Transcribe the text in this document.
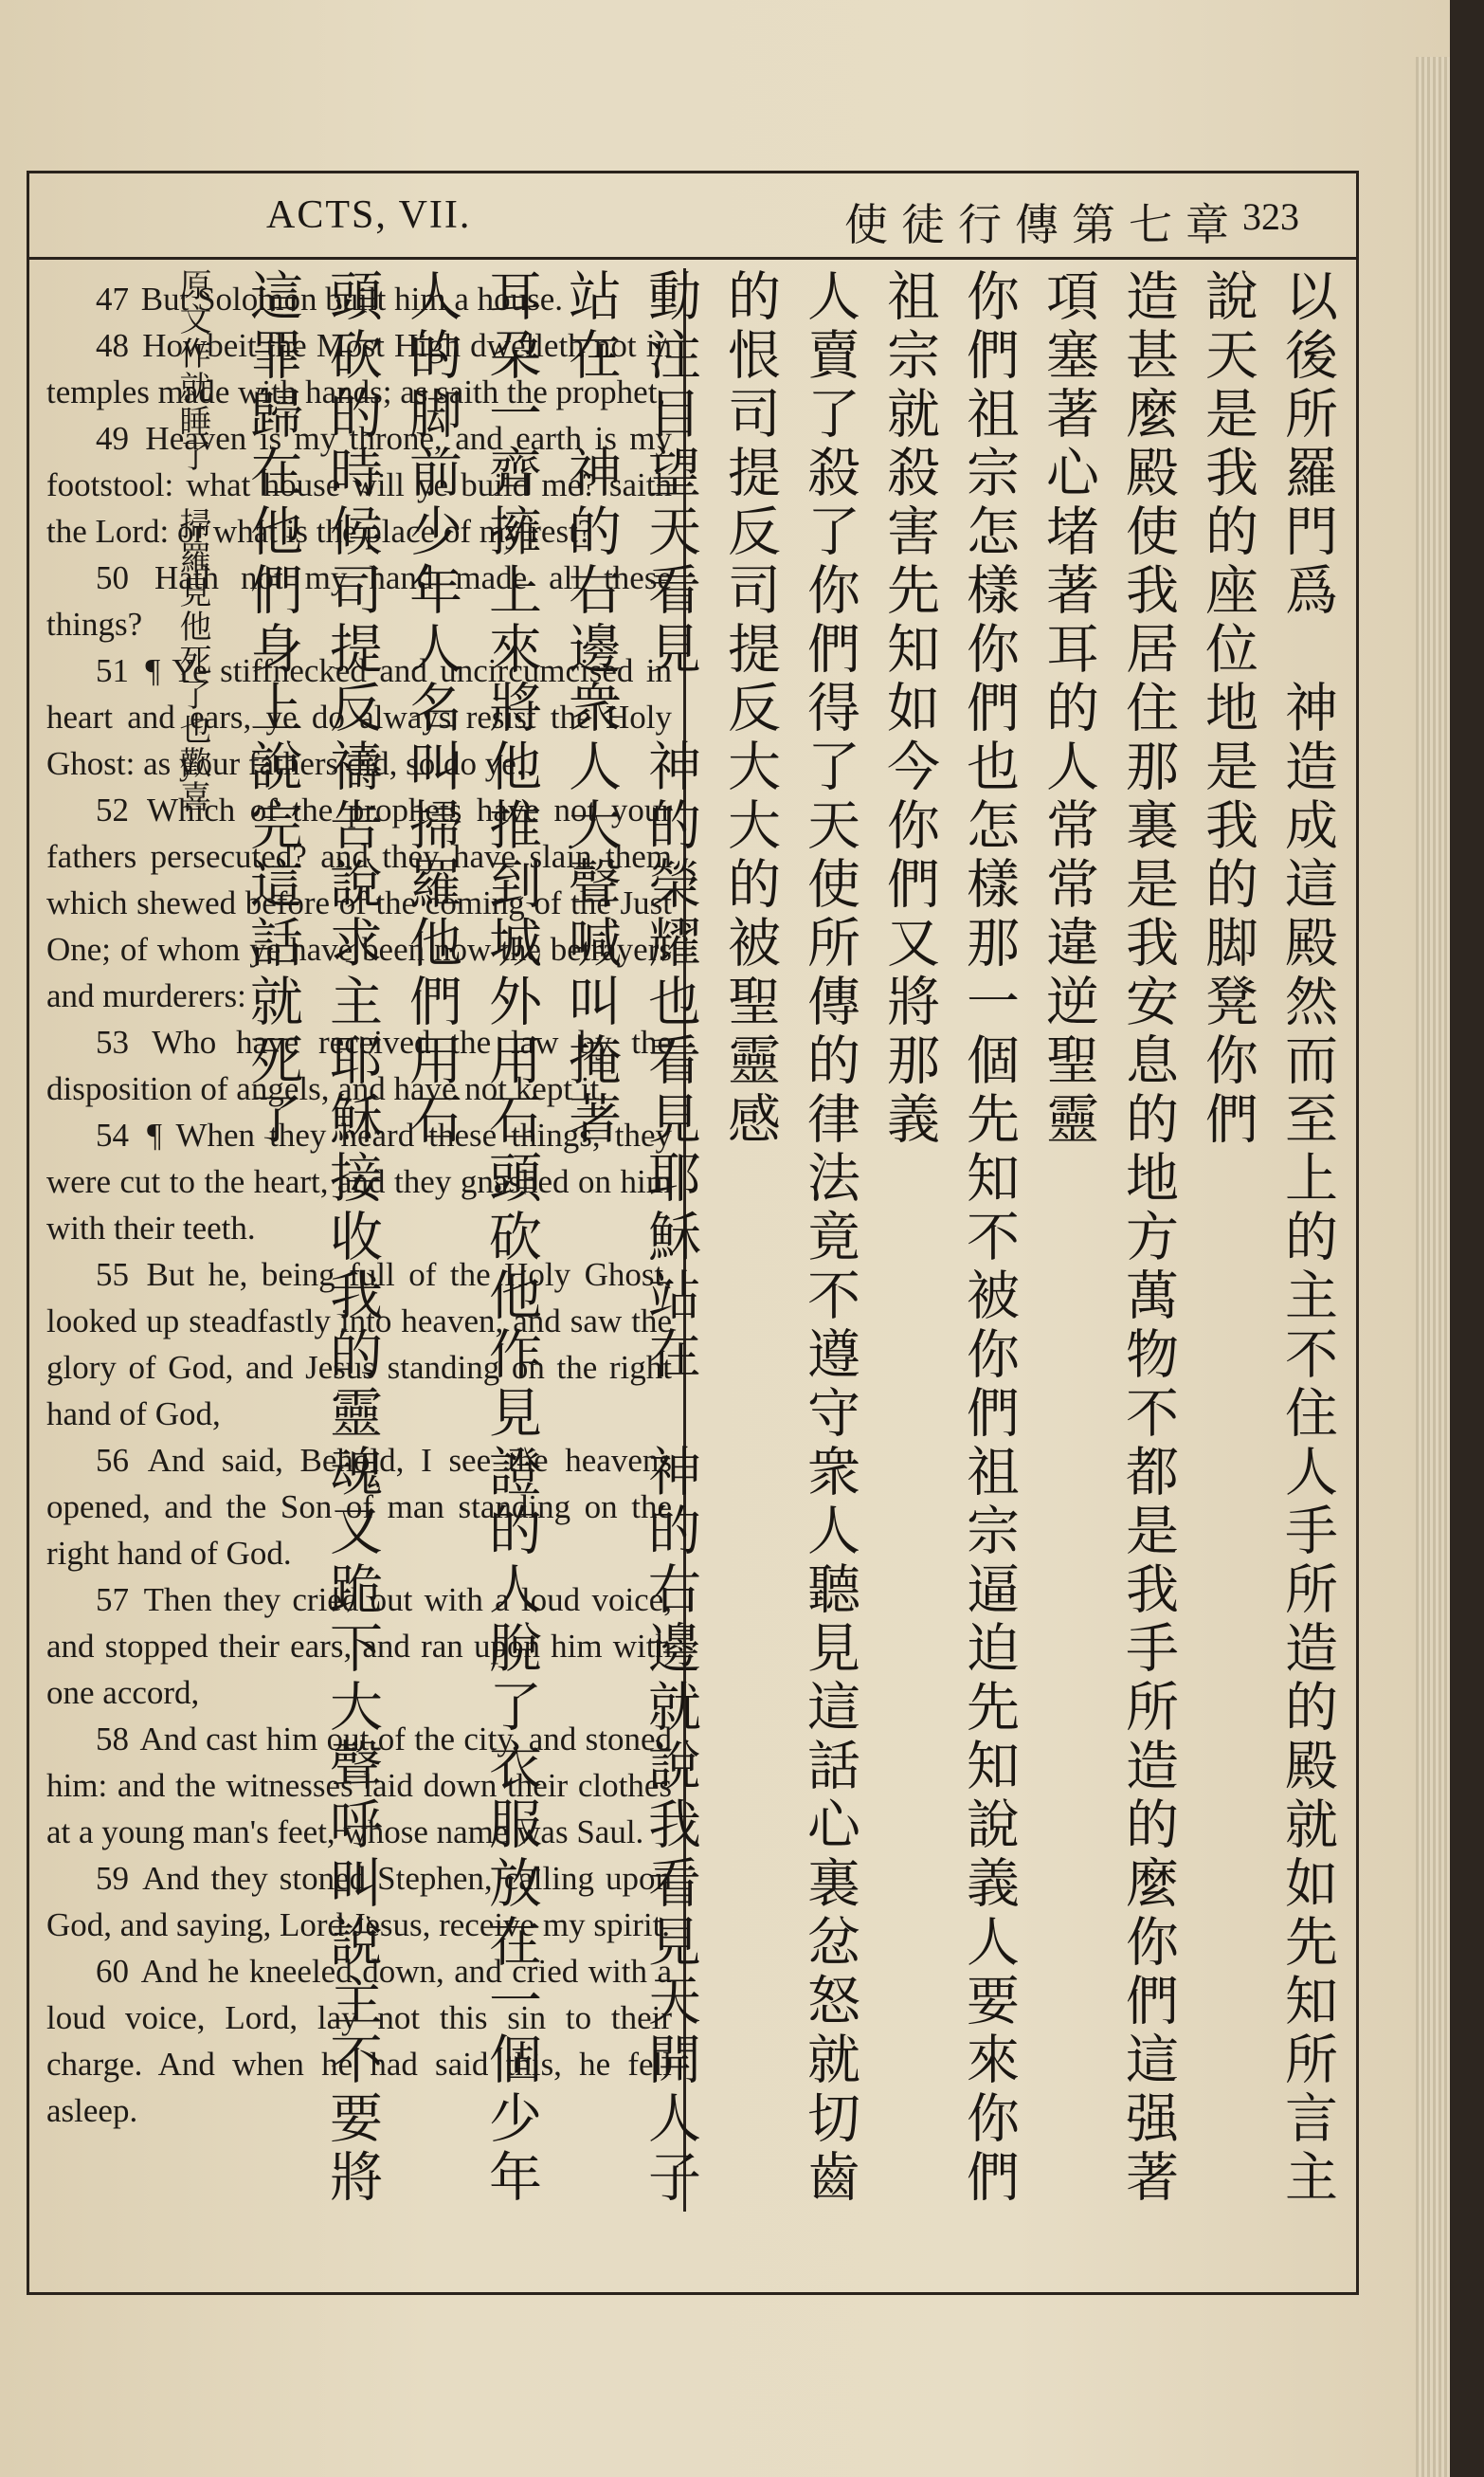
ACTS, VII.	使徒行傳第七章 323

47 But Solomon built him a house.

48 Howbeit the Most High dwelleth not in temples made with hands; as saith the prophet,

49 Heaven is my throne, and earth is my footstool: what house will ye build me? saith the Lord: or what is the place of my rest?

50 Hath not my hand made all these things?

51 ¶ Ye stiffnecked and uncircumcised in heart and ears, ye do always resist the Holy Ghost: as your fathers did, so do ye.

52 Which of the prophets have not your fathers persecuted? and they have slain them which shewed before of the coming of the Just One; of whom ye have been now the betrayers and murderers:

53 Who have received the law by the disposition of angels, and have not kept it.

54 ¶ When they heard these things, they were cut to the heart, and they gnashed on him with their teeth.

55 But he, being full of the Holy Ghost, looked up steadfastly into heaven, and saw the glory of God, and Jesus standing on the right hand of God,

56 And said, Behold, I see the heavens opened, and the Son of man standing on the right hand of God.

57 Then they cried out with a loud voice, and stopped their ears, and ran upon him with one accord,

58 And cast him out of the city, and stoned him: and the witnesses laid down their clothes at a young man's feet, whose name was Saul.

59 And they stoned Stephen, calling upon God, and saying, Lord Jesus, receive my spirit.

60 And he kneeled down, and cried with a loud voice, Lord, lay not this sin to their charge. And when he had said this, he fell asleep.	以後所羅門爲　神造成這殿然而至上的主不住人手所造的殿就如先知所言主說天是我的座位地是我的脚凳你們
造甚麼殿使我居住那裏是我安息的地方萬物不都是我手所造的麼你們這强著項塞著心堵著耳的人常常違逆聖靈
你們祖宗怎樣你們也怎樣那一個先知不被你們祖宗逼迫先知說義人要來你們祖宗就殺害先知如今你們又將那義
人賣了殺了你們得了天使所傳的律法竟不遵守衆人聽見這話心裏忿怒就切齒的恨司提反司提反大大的被聖靈感
動注目望天看見　神的榮耀也看見耶穌站在　神的右邊就說我看見天開人子站在　神的右邊衆人大聲喊叫掩著
耳朶一齊擁上來將他推到城外用石頭砍他作見證的人脫了衣服放在一個少年人的脚前少年人名叫掃羅他們用石
頭砍的時候司提反禱告說求主耶穌接收我的靈魂又跪下大聲呼叫說主不要將這罪歸在他們身上說完這話就死了
原文作就睡了　掃羅見他死了也歡喜
